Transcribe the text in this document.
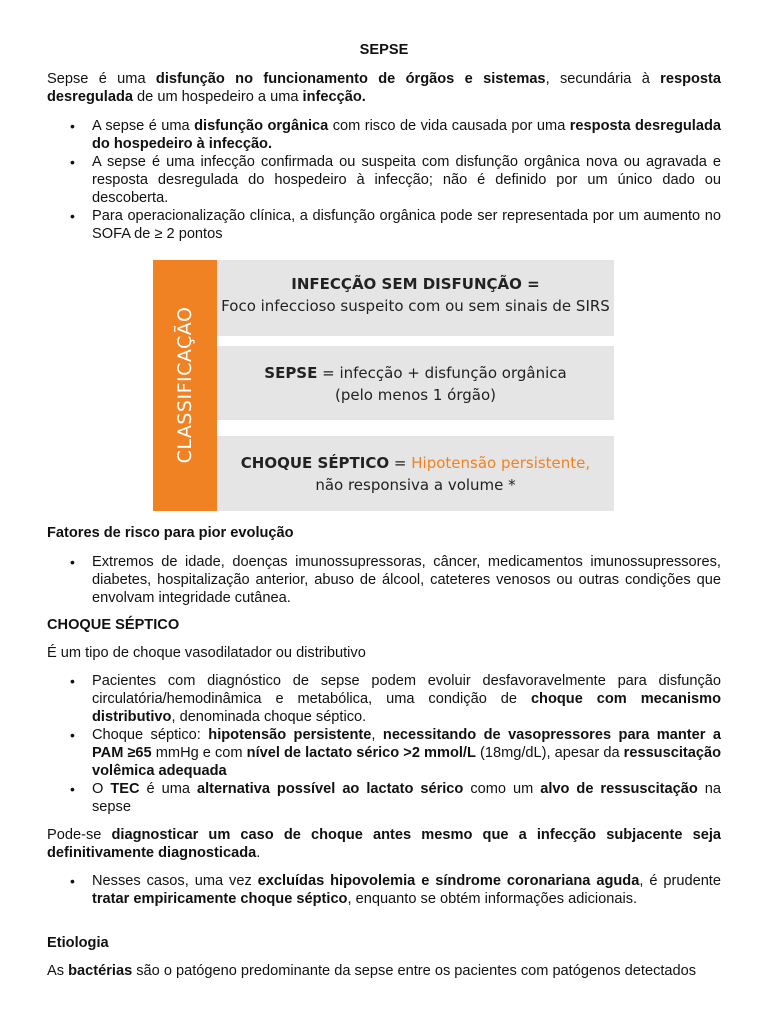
SEPSE
Sepse é uma disfunção no funcionamento de órgãos e sistemas, secundária à resposta desregulada de um hospedeiro a uma infecção.
• A sepse é uma disfunção orgânica com risco de vida causada por uma resposta desregulada do hospedeiro à infecção.
• A sepse é uma infecção confirmada ou suspeita com disfunção orgânica nova ou agravada e resposta desregulada do hospedeiro à infecção; não é definido por um único dado ou descoberta.
• Para operacionalização clínica, a disfunção orgânica pode ser representada por um aumento no SOFA de ≥ 2 pontos
CLASSIFICAÇÃO
INFECÇÃO SEM DISFUNÇÃO =
Foco infeccioso suspeito com ou sem sinais de SIRS
SEPSE = infecção + disfunção orgânica
(pelo menos 1 órgão)
CHOQUE SÉPTICO = Hipotensão persistente,
não responsiva a volume *
Fatores de risco para pior evolução
• Extremos de idade, doenças imunossupressoras, câncer, medicamentos imunossupressores, diabetes, hospitalização anterior, abuso de álcool, cateteres venosos ou outras condições que envolvam integridade cutânea.
CHOQUE SÉPTICO
É um tipo de choque vasodilatador ou distributivo
• Pacientes com diagnóstico de sepse podem evoluir desfavoravelmente para disfunção circulatória/hemodinâmica e metabólica, uma condição de choque com mecanismo distributivo, denominada choque séptico.
• Choque séptico: hipotensão persistente, necessitando de vasopressores para manter a PAM ≥65 mmHg e com nível de lactato sérico >2 mmol/L (18mg/dL), apesar da ressuscitação volêmica adequada
• O TEC é uma alternativa possível ao lactato sérico como um alvo de ressuscitação na sepse
Pode-se diagnosticar um caso de choque antes mesmo que a infecção subjacente seja definitivamente diagnosticada.
• Nesses casos, uma vez excluídas hipovolemia e síndrome coronariana aguda, é prudente tratar empiricamente choque séptico, enquanto se obtém informações adicionais.
Etiologia
As bactérias são o patógeno predominante da sepse entre os pacientes com patógenos detectados
